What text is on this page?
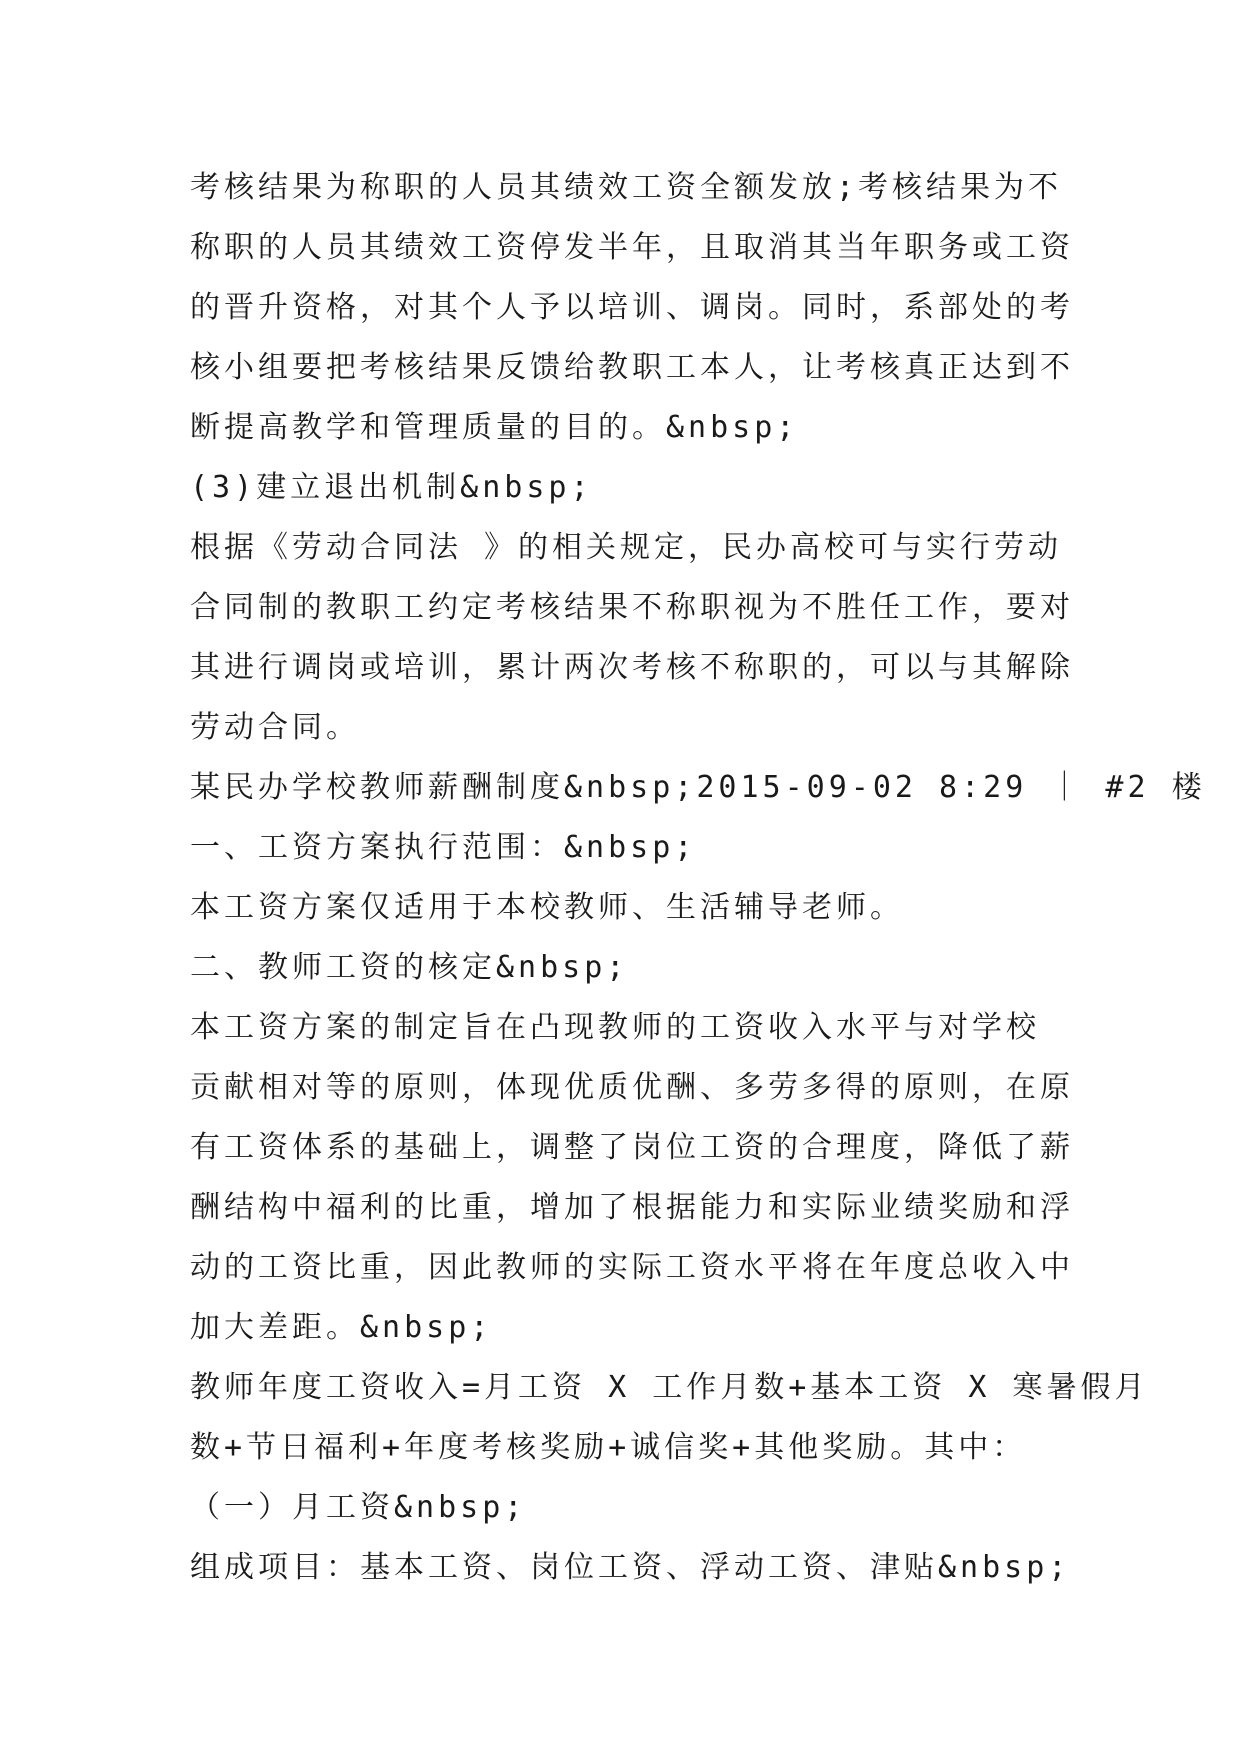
考核结果为称职的人员其绩效工资全额发放;考核结果为不
称职的人员其绩效工资停发半年，且取消其当年职务或工资
的晋升资格，对其个人予以培训、调岗。同时，系部处的考
核小组要把考核结果反馈给教职工本人，让考核真正达到不
断提高教学和管理质量的目的。&nbsp;
(3)建立退出机制&nbsp;
根据《劳动合同法 》的相关规定，民办高校可与实行劳动
合同制的教职工约定考核结果不称职视为不胜任工作，要对
其进行调岗或培训，累计两次考核不称职的，可以与其解除
劳动合同。
某民办学校教师薪酬制度&nbsp;2015-09-02 8:29 ｜ #2 楼
一、工资方案执行范围：&nbsp;
本工资方案仅适用于本校教师、生活辅导老师。
二、教师工资的核定&nbsp;
本工资方案的制定旨在凸现教师的工资收入水平与对学校
贡献相对等的原则，体现优质优酬、多劳多得的原则，在原
有工资体系的基础上，调整了岗位工资的合理度，降低了薪
酬结构中福利的比重，增加了根据能力和实际业绩奖励和浮
动的工资比重，因此教师的实际工资水平将在年度总收入中
加大差距。&nbsp;
教师年度工资收入=月工资 X 工作月数+基本工资 X 寒暑假月
数+节日福利+年度考核奖励+诚信奖+其他奖励。其中：
（一）月工资&nbsp;
组成项目：基本工资、岗位工资、浮动工资、津贴&nbsp;
